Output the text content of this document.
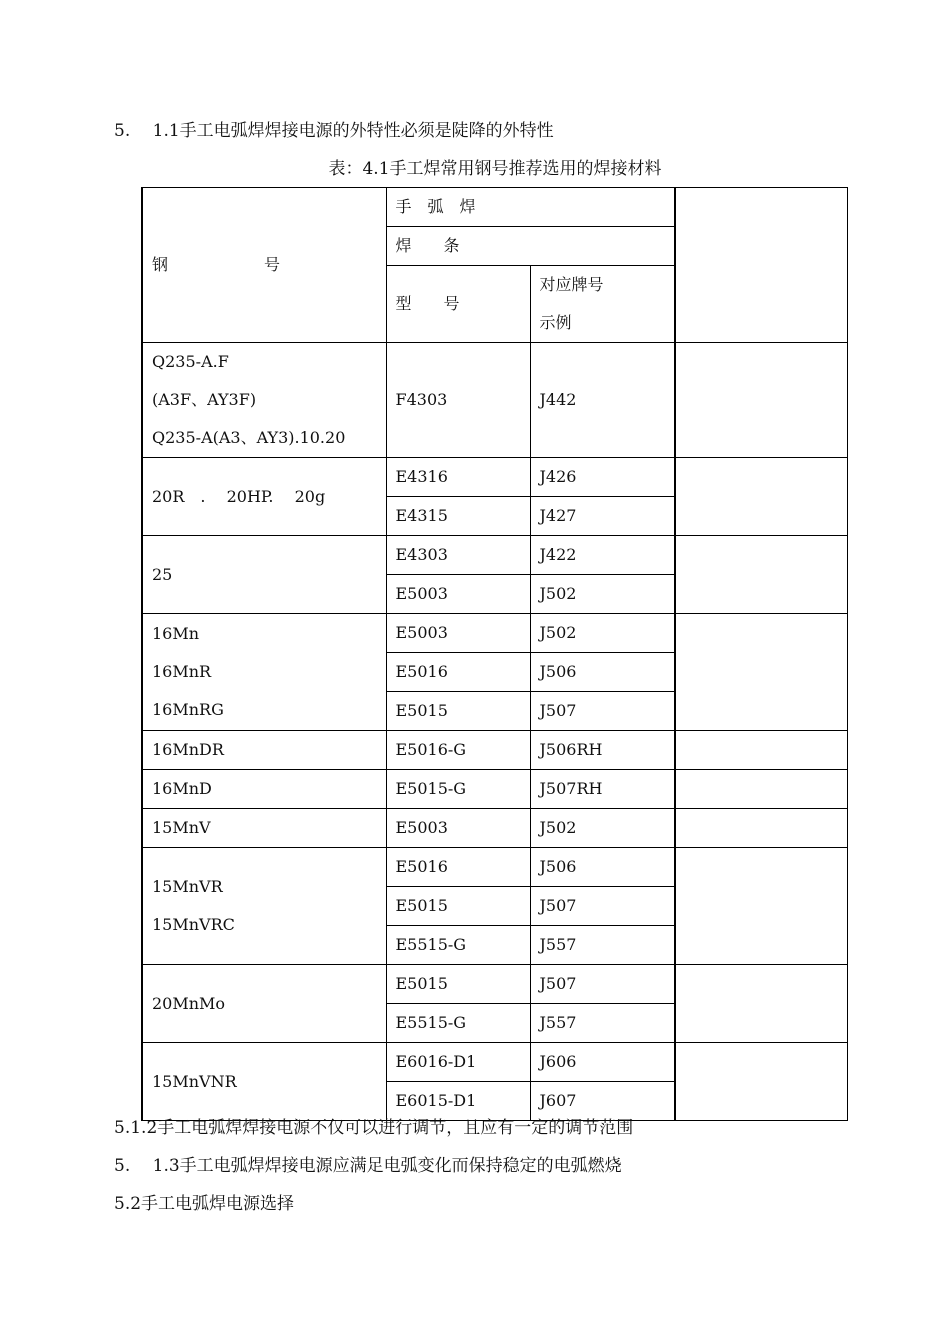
5.　 1.1手工电弧焊焊接电源的外特性必须是陡降的外特性
表：4.1手工焊常用钢号推荐选用的焊接材料
钢　　　　　　号	手　弧　焊		
	焊　　条		
	型　　号	对应牌号
示例	

Q235-A.F
(A3F、AY3F)
Q235-A(A3、AY3).10.20	F4303	J442	

20R　.　 20HP.　 20g	E4316	J426	
	E4315	J427	

25	E4303	J422	
	E5003	J502	

16Mn
16MnR
16MnRG	E5003	J502	
	E5016	J506	
	E5015	J507	

16MnDR	E5016-G	J506RH	

16MnD	E5015-G	J507RH	

15MnV	E5003	J502	

15MnVR
15MnVRC	E5016	J506	
	E5015	J507	
	E5515-G	J557	

20MnMo	E5015	J507	
	E5515-G	J557	

15MnVNR	E6016-D1	J606	
	E6015-D1	J607	
5.1.2手工电弧焊焊接电源不仅可以进行调节，且应有一定的调节范围
5.　 1.3手工电弧焊焊接电源应满足电弧变化而保持稳定的电弧燃烧
5.2手工电弧焊电源选择
